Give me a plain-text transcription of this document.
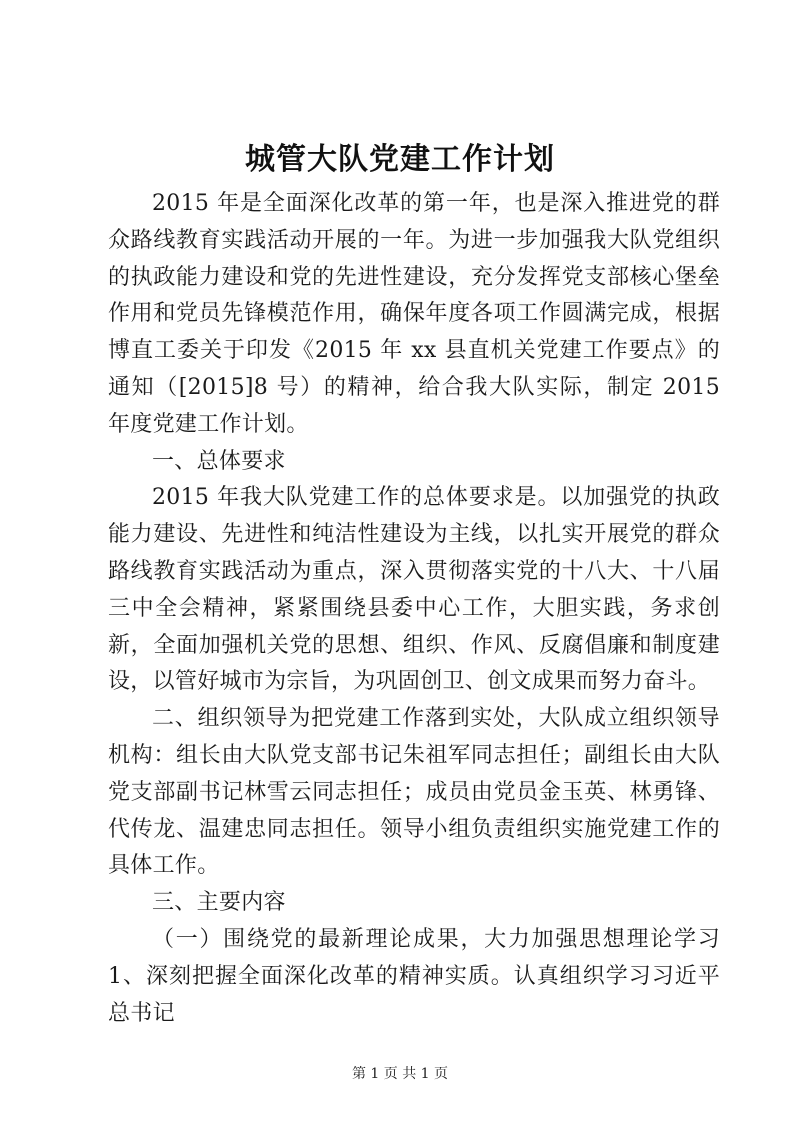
城管大队党建工作计划

2015 年是全面深化改革的第一年，也是深入推进党的群众路线教育实践活动开展的一年。为进一步加强我大队党组织的执政能力建设和党的先进性建设，充分发挥党支部核心堡垒作用和党员先锋模范作用，确保年度各项工作圆满完成，根据博直工委关于印发《2015 年 xx 县直机关党建工作要点》的通知（[2015]8 号）的精神，给合我大队实际，制定 2015 年度党建工作计划。

一、总体要求

2015 年我大队党建工作的总体要求是。以加强党的执政能力建设、先进性和纯洁性建设为主线，以扎实开展党的群众路线教育实践活动为重点，深入贯彻落实党的十八大、十八届三中全会精神，紧紧围绕县委中心工作，大胆实践，务求创新，全面加强机关党的思想、组织、作风、反腐倡廉和制度建设，以管好城市为宗旨，为巩固创卫、创文成果而努力奋斗。

二、组织领导为把党建工作落到实处，大队成立组织领导机构：组长由大队党支部书记朱祖军同志担任；副组长由大队党支部副书记林雪云同志担任；成员由党员金玉英、林勇锋、代传龙、温建忠同志担任。领导小组负责组织实施党建工作的具体工作。

三、主要内容

（一）围绕党的最新理论成果，大力加强思想理论学习 1、深刻把握全面深化改革的精神实质。认真组织学习习近平总书记

第 1 页 共 1 页
